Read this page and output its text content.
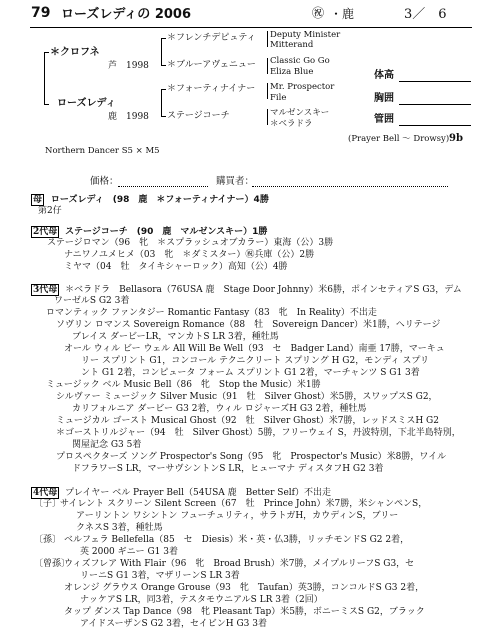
79 ローズレディの 2006	㊗ ・鹿	3／　6
＊クロフネ
芦　1998
＊フレンチデピュティ Deputy Minister
Mitterand
＊ブルーアヴェニュー Classic Go Go
Eliza Blue
ローズレディ
鹿　1998
＊フォーティナイナー Mr. Prospector
File
ステージコーチ	マルゼンスキー
＊ベラドラ
(Prayer Bell ～ Drowsy) 9b
Northern Dancer S5 × M5
体高
胸囲
管囲
価格：	購買者：
母 ローズレディ　(98　鹿　＊フォーティナイナー）4勝
第2仔
2代母 ステージコーチ　(90　鹿　マルゼンスキー）1勝
ステージロマン（96　牝　＊スプラッシュオブカラー）東海（公）3勝
ナニワノユメヒメ（03　牝　＊ダミスター）㊗兵庫（公）2勝
ミヤマ（04　牡　タイキシャーロック）高知（公）4勝
3代母 ＊ベラドラ　Bellasora（76USA 鹿　Stage Door Johnny）米6勝，ポインセティアS G3，デム
ワーゼルS G2 3着
ロマンティック ファンタジー Romantic Fantasy（83　牝　In Reality）不出走
ソヴリン ロマンス Sovereign Romance（88　牡　Sovereign Dancer）米1勝，ヘリテージ
ブレイス ダービーLR，マンカトS LR 3着，種牡馬
オール ウィル ビー ウェル All Will Be Well（93　セ　Badger Land）南亜 17勝，マーキュ
リー スプリント G1，コンコール テクニクリート スプリング H G2，モンディ スプリ
ント G1 2着，コンピュータ フォーム スプリント G1 2着，マーチャンツ S G1 3着
ミュージック ベル Music Bell（86　牝　Stop the Music）米1勝
シルヴァー ミュージック Silver Music（91　牡　Silver Ghost）米5勝，スワップスS G2，
カリフォルニア ダービー G3 2着，ウィル ロジャーズH G3 2着，種牡馬
ミュージカル ゴースト Musical Ghost（92　牡　Silver Ghost）米7勝，レッドスミスH G2
＊ゴーストリルジャー（94　牡　Silver Ghost）5勝，フリーウェイ S，丹波特別，下北半島特別，
関屋記念 G3 5着
プロスペクターズ ソング Prospector's Song（95　牝　Prospector's Music）米8勝，ワイル
ドフラワーS LR，マーサヴシントンS LR，ヒューマナ ディスタフH G2 3着
4代母 プレイヤー ベル Prayer Bell（54USA 鹿　Better Self）不出走
〔子〕
サイレント スクリーン Silent Screen（67　牡　Prince John）米7勝，米シャンペンS，
アーリントン ワシントン フューチュリティ，サラトガH，カウディンS，ブリー
クネスS 3着，種牡馬
〔孫〕 ベルフェラ Bellefella（85　セ　Diesis）米・英・仏3勝，リッチモンドS G2 2着，
英 2000 ギニー G1 3着
〔曾孫〕
ウィズフレア With Flair（96　牝　Broad Brush）米7勝，メイプルリーフS G3，セ
リーニS G1 3着，マザリーンS LR 3着
オレンジ グラウス Orange Grouse（93　牝　Taufan）英3勝，コンコルドS G3 2着，
ナッケアS LR，同3着，テスタモウニアルS LR 3着（2回）
タップ ダンス Tap Dance（98　牝 Pleasant Tap）米5勝，ボニーミスS G2，ブラック
アイドスーザンS G2 3着，セイビンH G3 3着
